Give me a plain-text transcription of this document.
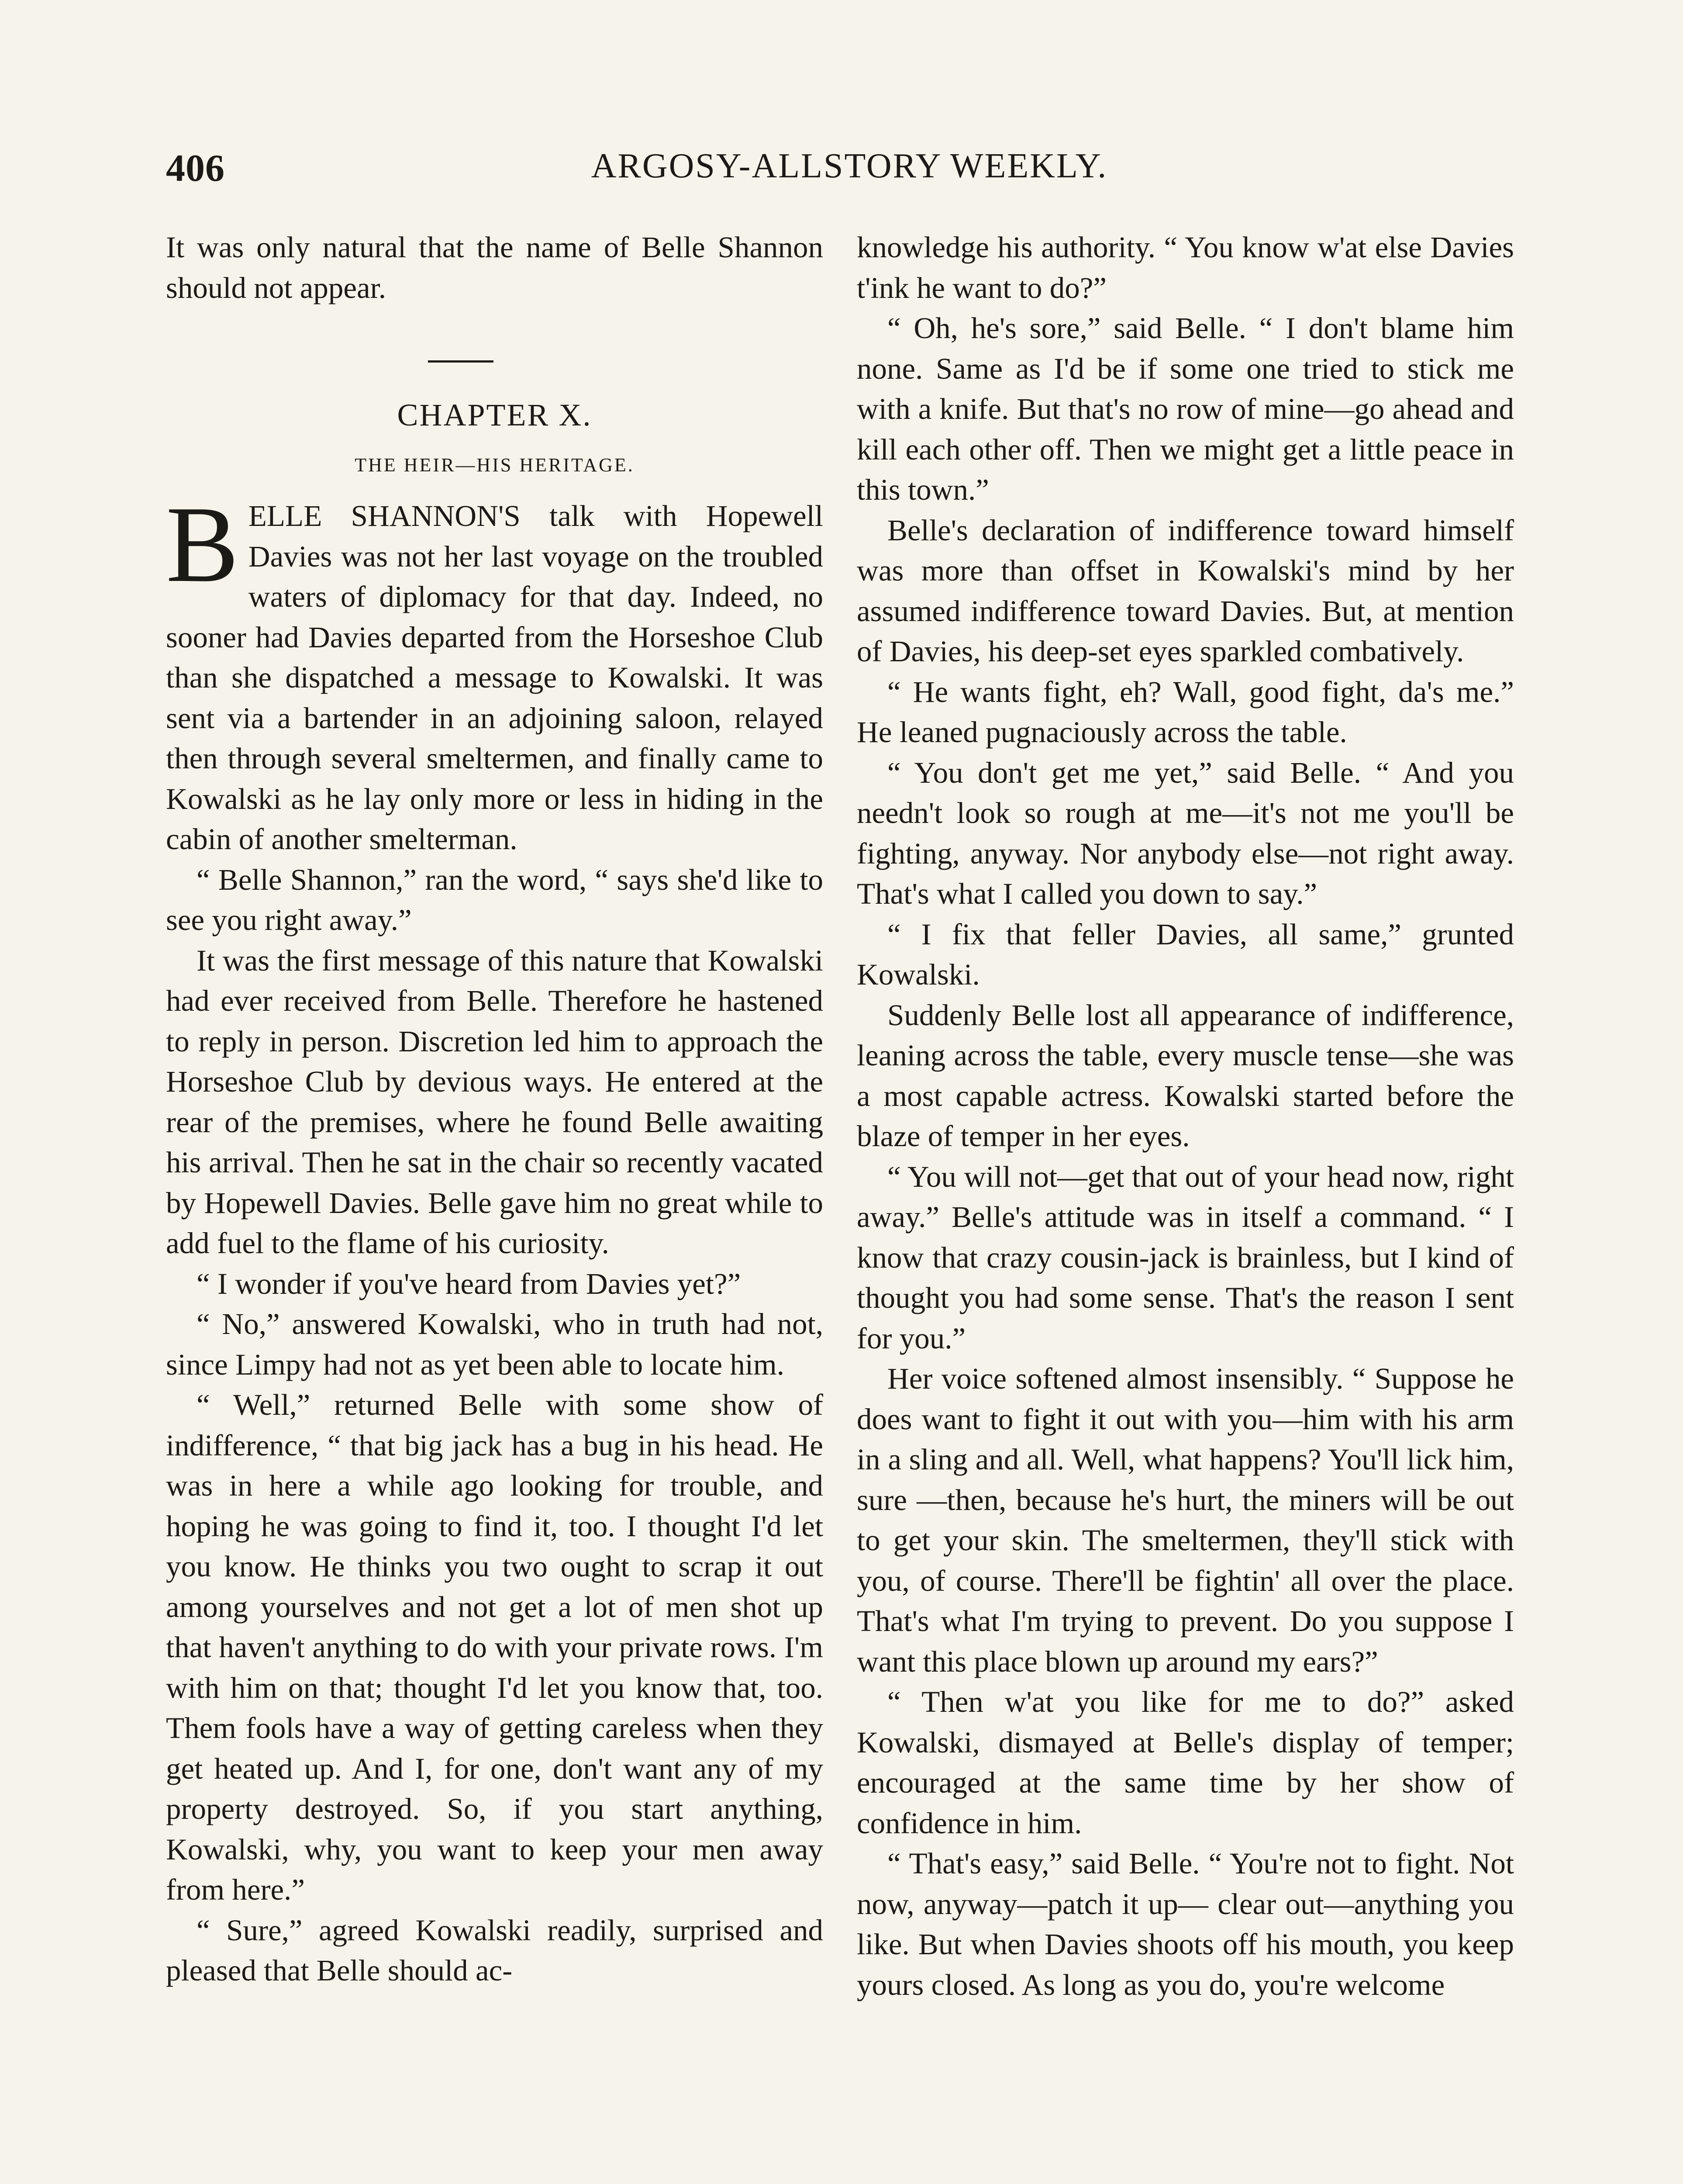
406	ARGOSY-ALLSTORY WEEKLY.

It was only natural that the name of Belle Shannon should not appear.

CHAPTER X.
THE HEIR—HIS HERITAGE.

BELLE SHANNON'S talk with Hopewell Davies was not her last voyage on the troubled waters of diplomacy for that day. Indeed, no sooner had Davies departed from the Horseshoe Club than she dispatched a message to Kowalski. It was sent via a bartender in an adjoining saloon, relayed then through several smeltermen, and finally came to Kowalski as he lay only more or less in hiding in the cabin of another smelterman.

“ Belle Shannon,” ran the word, “ says she'd like to see you right away.”

It was the first message of this nature that Kowalski had ever received from Belle. Therefore he hastened to reply in person. Discretion led him to approach the Horseshoe Club by devious ways. He entered at the rear of the premises, where he found Belle awaiting his arrival. Then he sat in the chair so recently vacated by Hopewell Davies. Belle gave him no great while to add fuel to the flame of his curiosity.

“ I wonder if you've heard from Davies yet?”

“ No,” answered Kowalski, who in truth had not, since Limpy had not as yet been able to locate him.

“ Well,” returned Belle with some show of indifference, “ that big jack has a bug in his head. He was in here a while ago looking for trouble, and hoping he was going to find it, too. I thought I'd let you know. He thinks you two ought to scrap it out among yourselves and not get a lot of men shot up that haven't anything to do with your private rows. I'm with him on that; thought I'd let you know that, too. Them fools have a way of getting careless when they get heated up. And I, for one, don't want any of my property destroyed. So, if you start anything, Kowalski, why, you want to keep your men away from here.”

“ Sure,” agreed Kowalski readily, surprised and pleased that Belle should ac-

knowledge his authority. “ You know w'at else Davies t'ink he want to do?”

“ Oh, he's sore,” said Belle. “ I don't blame him none. Same as I'd be if some one tried to stick me with a knife. But that's no row of mine—go ahead and kill each other off. Then we might get a little peace in this town.”

Belle's declaration of indifference toward himself was more than offset in Kowalski's mind by her assumed indifference toward Davies. But, at mention of Davies, his deep-set eyes sparkled combatively.

“ He wants fight, eh? Wall, good fight, da's me.” He leaned pugnaciously across the table.

“ You don't get me yet,” said Belle. “ And you needn't look so rough at me—it's not me you'll be fighting, anyway. Nor anybody else—not right away. That's what I called you down to say.”

“ I fix that feller Davies, all same,” grunted Kowalski.

Suddenly Belle lost all appearance of indifference, leaning across the table, every muscle tense—she was a most capable actress. Kowalski started before the blaze of temper in her eyes.

“ You will not—get that out of your head now, right away.” Belle's attitude was in itself a command. “ I know that crazy cousin-jack is brainless, but I kind of thought you had some sense. That's the reason I sent for you.”

Her voice softened almost insensibly. “ Suppose he does want to fight it out with you—him with his arm in a sling and all. Well, what happens? You'll lick him, sure —then, because he's hurt, the miners will be out to get your skin. The smeltermen, they'll stick with you, of course. There'll be fightin' all over the place. That's what I'm trying to prevent. Do you suppose I want this place blown up around my ears?”

“ Then w'at you like for me to do?” asked Kowalski, dismayed at Belle's display of temper; encouraged at the same time by her show of confidence in him.

“ That's easy,” said Belle. “ You're not to fight. Not now, anyway—patch it up— clear out—anything you like. But when Davies shoots off his mouth, you keep yours closed. As long as you do, you're welcome
